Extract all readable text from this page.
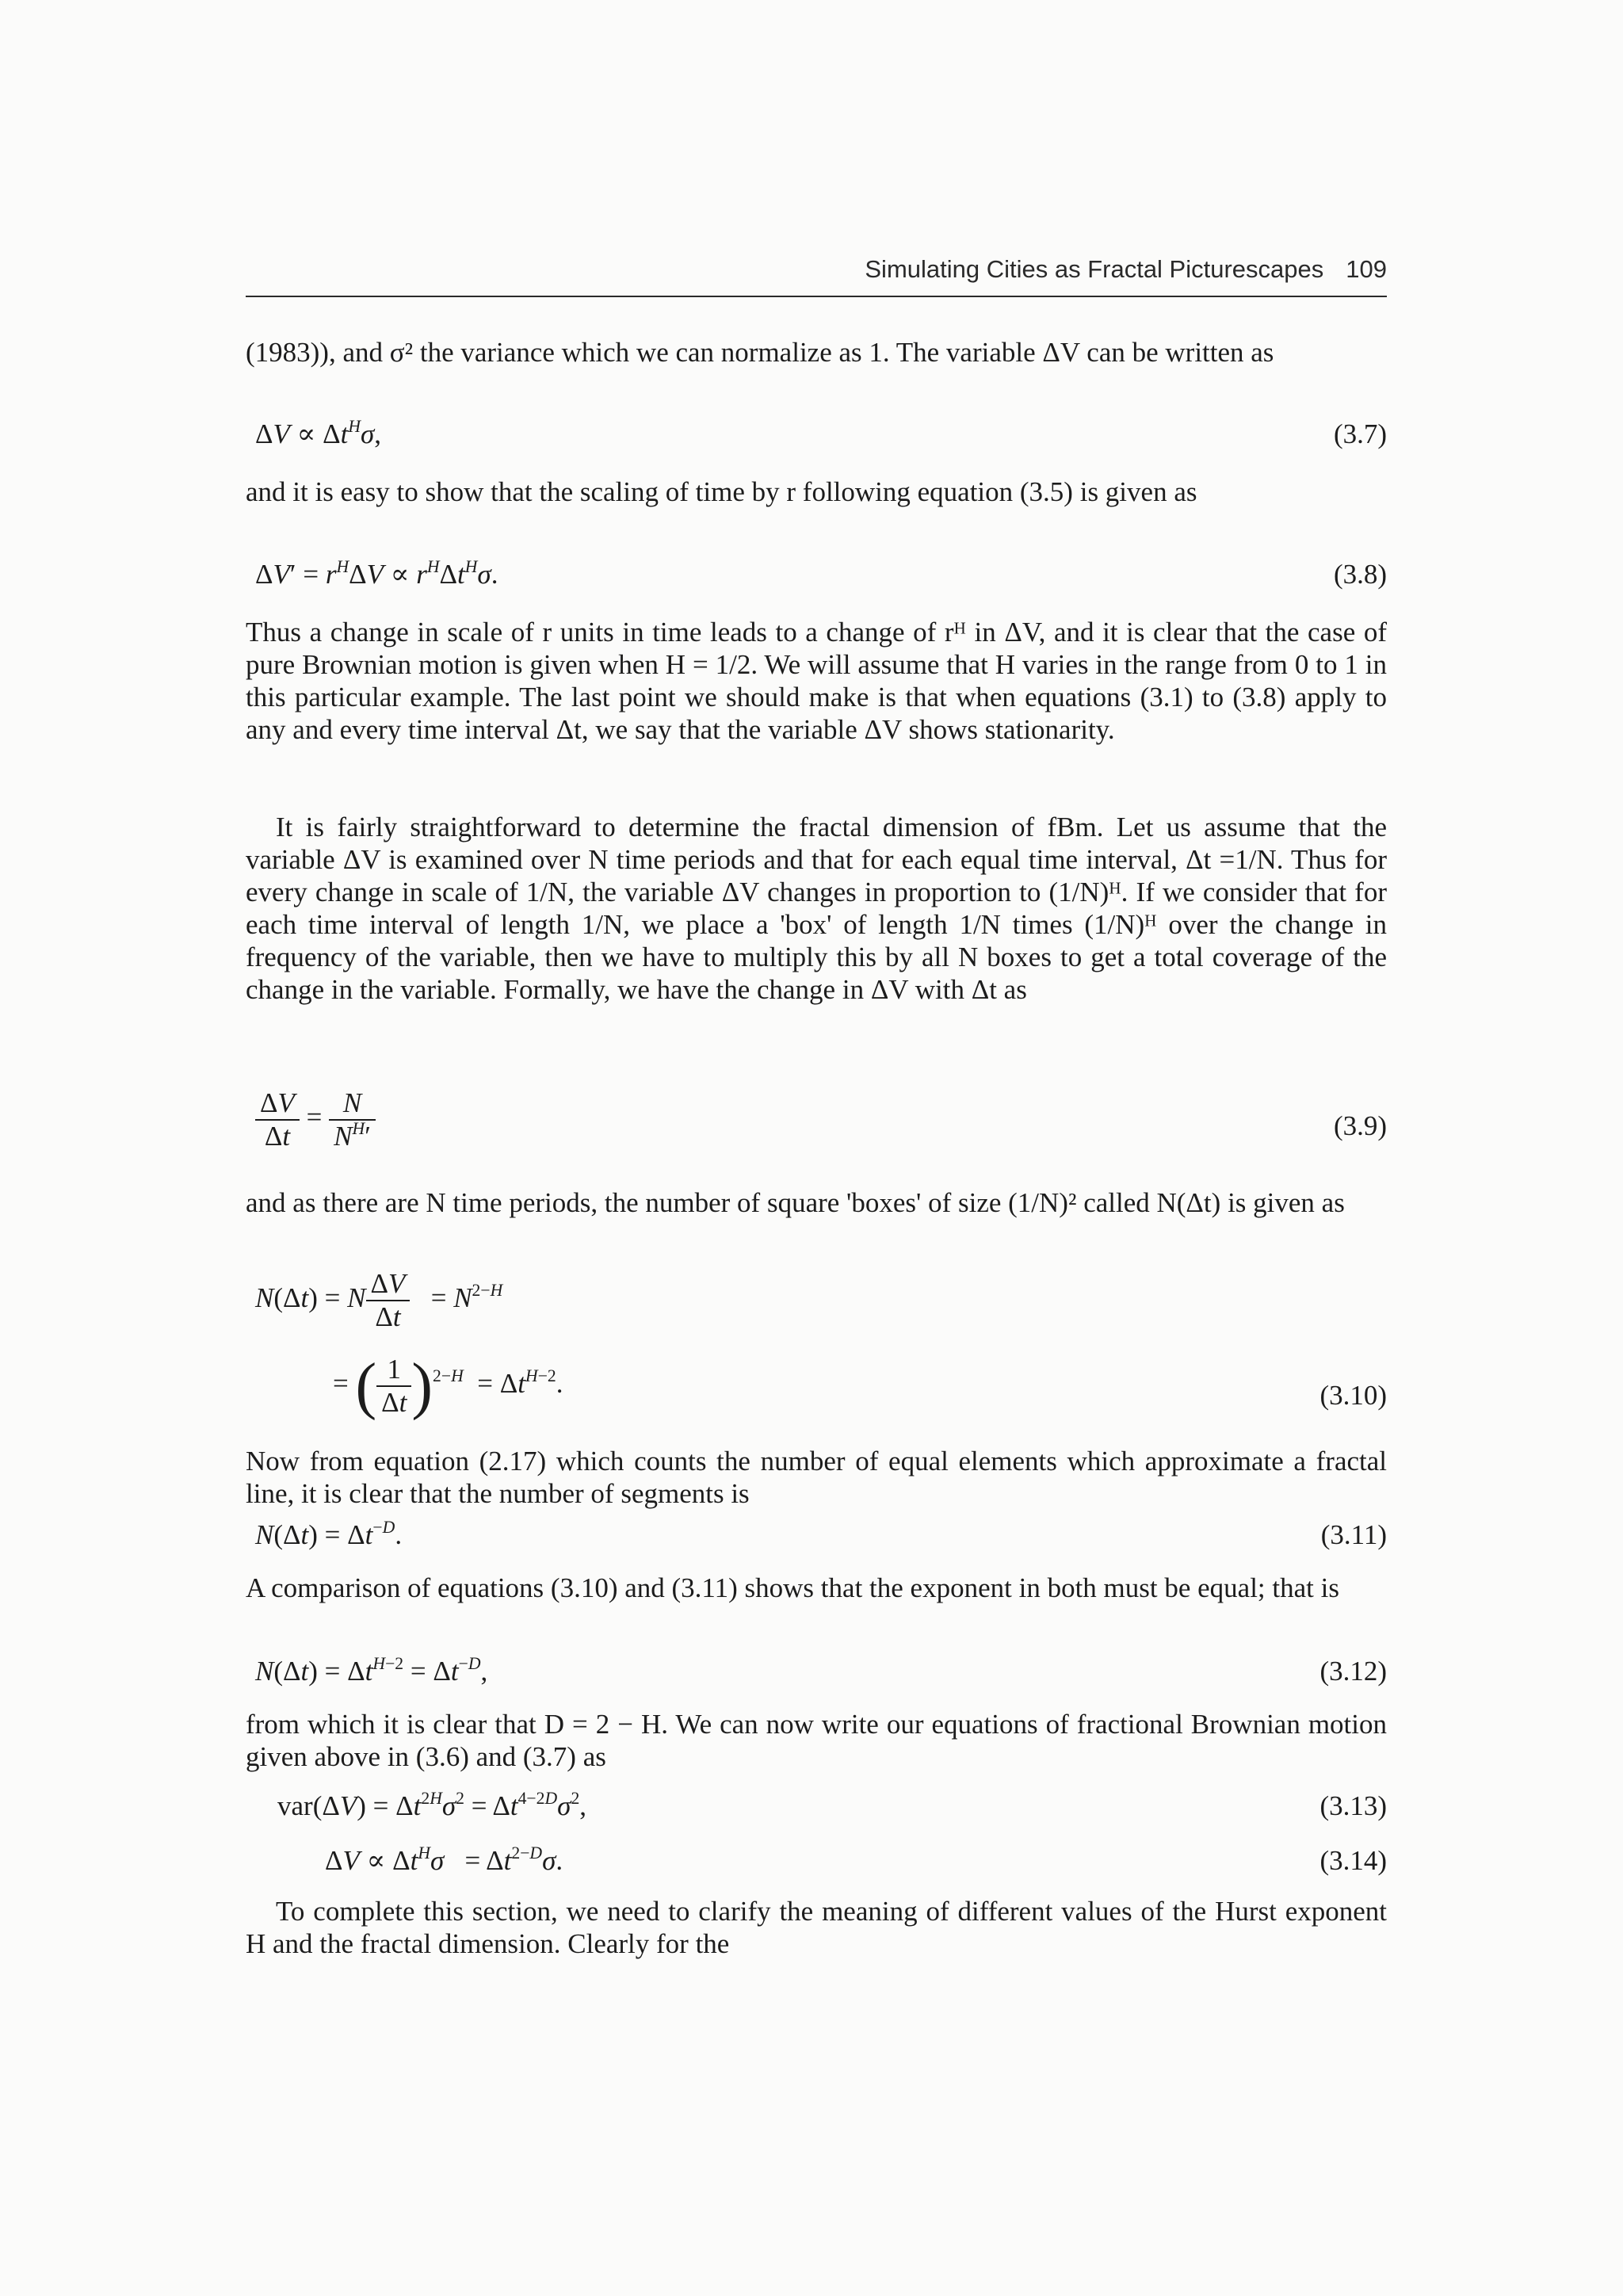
Simulating Cities as Fractal Picturescapes 109

(1983)), and σ² the variance which we can normalize as 1. The variable ΔV can be written as

$\Delta V \propto \Delta t^H\sigma$,	(3.7)

and it is easy to show that the scaling of time by r following equation (3.5) is given as

$\Delta V' = r^H\Delta V \propto r^H\Delta t^H\sigma$.	(3.8)

Thus a change in scale of r units in time leads to a change of rᴴ in ΔV, and it is clear that the case of pure Brownian motion is given when H = 1/2. We will assume that H varies in the range from 0 to 1 in this particular example. The last point we should make is that when equations (3.1) to (3.8) apply to any and every time interval Δt, we say that the variable ΔV shows stationarity.

It is fairly straightforward to determine the fractal dimension of fBm. Let us assume that the variable ΔV is examined over N time periods and that for each equal time interval, Δt =1/N. Thus for every change in scale of 1/N, the variable ΔV changes in proportion to (1/N)ᴴ. If we consider that for each time interval of length 1/N, we place a 'box' of length 1/N times (1/N)ᴴ over the change in frequency of the variable, then we have to multiply this by all N boxes to get a total coverage of the change in the variable. Formally, we have the change in ΔV with Δt as

$\frac{\Delta V}{\Delta t} = \frac{N}{N^H'}$	(3.9)

and as there are N time periods, the number of square 'boxes' of size (1/N)² called N(Δt) is given as

N(Δt) = N $\frac{\Delta V}{\Delta t} = N^{2-H}$
= ( $\frac{1}{\Delta t} )^{2-H} = \Delta t^{H-2}$.	(3.10)

Now from equation (2.17) which counts the number of equal elements which approximate a fractal line, it is clear that the number of segments is

$N(\Delta t) = \Delta t^{-D}$.	(3.11)

A comparison of equations (3.10) and (3.11) shows that the exponent in both must be equal; that is

$N(\Delta t) = \Delta t^{H-2} = \Delta t^{-D}$,	(3.12)

from which it is clear that D = 2 − H. We can now write our equations of fractional Brownian motion given above in (3.6) and (3.7) as

$var(\Delta V) = \Delta t^{2H}\sigma^2 = \Delta t^{4-2D}\sigma^2$,	(3.13)
$\Delta V \propto \Delta t^H\sigma = \Delta t^{2-D}\sigma$.	(3.14)

To complete this section, we need to clarify the meaning of different values of the Hurst exponent H and the fractal dimension. Clearly for the
